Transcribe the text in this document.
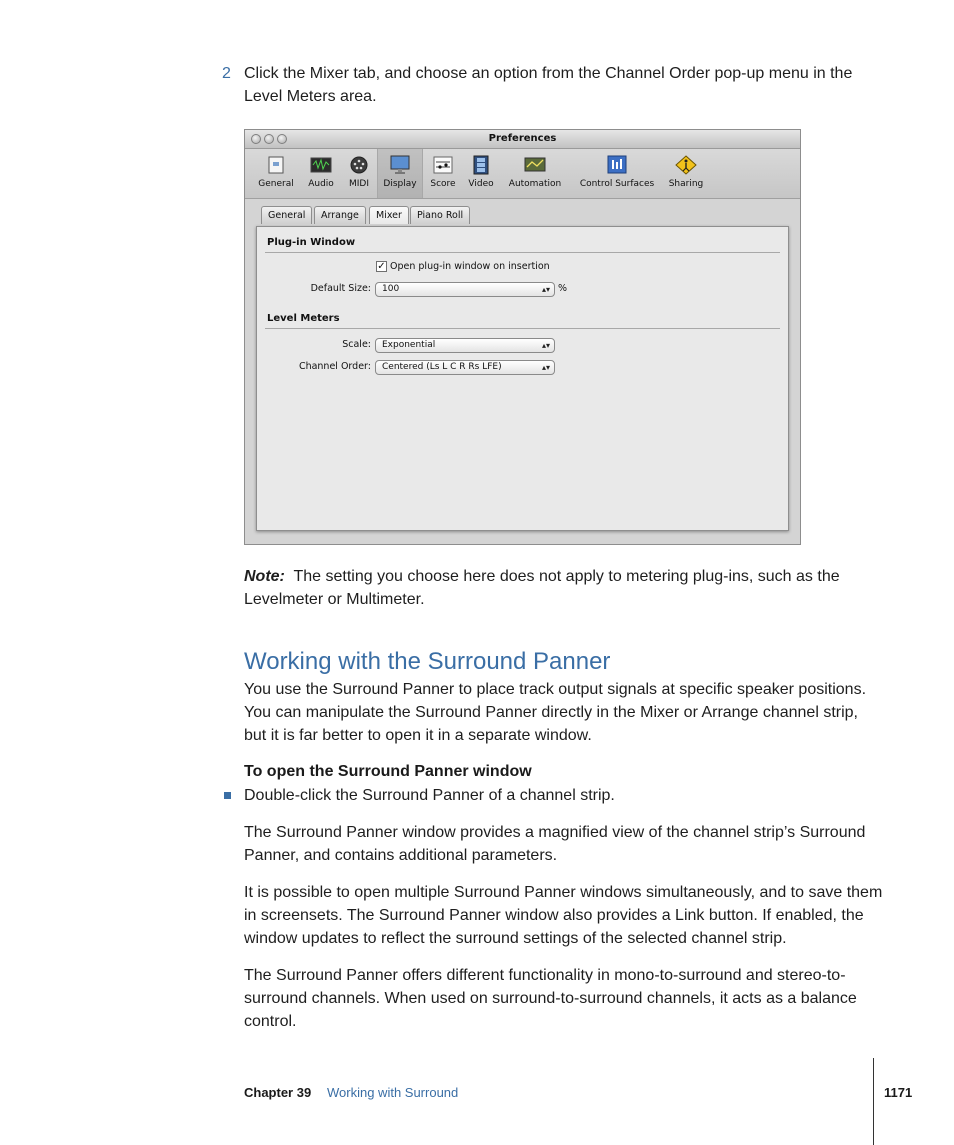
2 Click the Mixer tab, and choose an option from the Channel Order pop-up menu in the Level Meters area.
Preferences
General	Audio	MIDI	Display	Score	Video	Automation	Control Surfaces	Sharing
General	Arrange	Mixer	Piano Roll
Plug-in Window
✓ Open plug-in window on insertion
Default Size:	100	▴▾ %
Level Meters
Scale:	Exponential	▴▾
Channel Order:	Centered (Ls L C R Rs LFE)	▴▾
Note: The setting you choose here does not apply to metering plug-ins, such as the Levelmeter or Multimeter.
Working with the Surround Panner
You use the Surround Panner to place track output signals at specific speaker positions. You can manipulate the Surround Panner directly in the Mixer or Arrange channel strip, but it is far better to open it in a separate window.
To open the Surround Panner window
Double-click the Surround Panner of a channel strip.
The Surround Panner window provides a magnified view of the channel strip’s Surround Panner, and contains additional parameters.
It is possible to open multiple Surround Panner windows simultaneously, and to save them in screensets. The Surround Panner window also provides a Link button. If enabled, the window updates to reflect the surround settings of the selected channel strip.
The Surround Panner offers different functionality in mono-to-surround and stereo-to-surround channels. When used on surround-to-surround channels, it acts as a balance control.
Chapter 39 Working with Surround	1171
